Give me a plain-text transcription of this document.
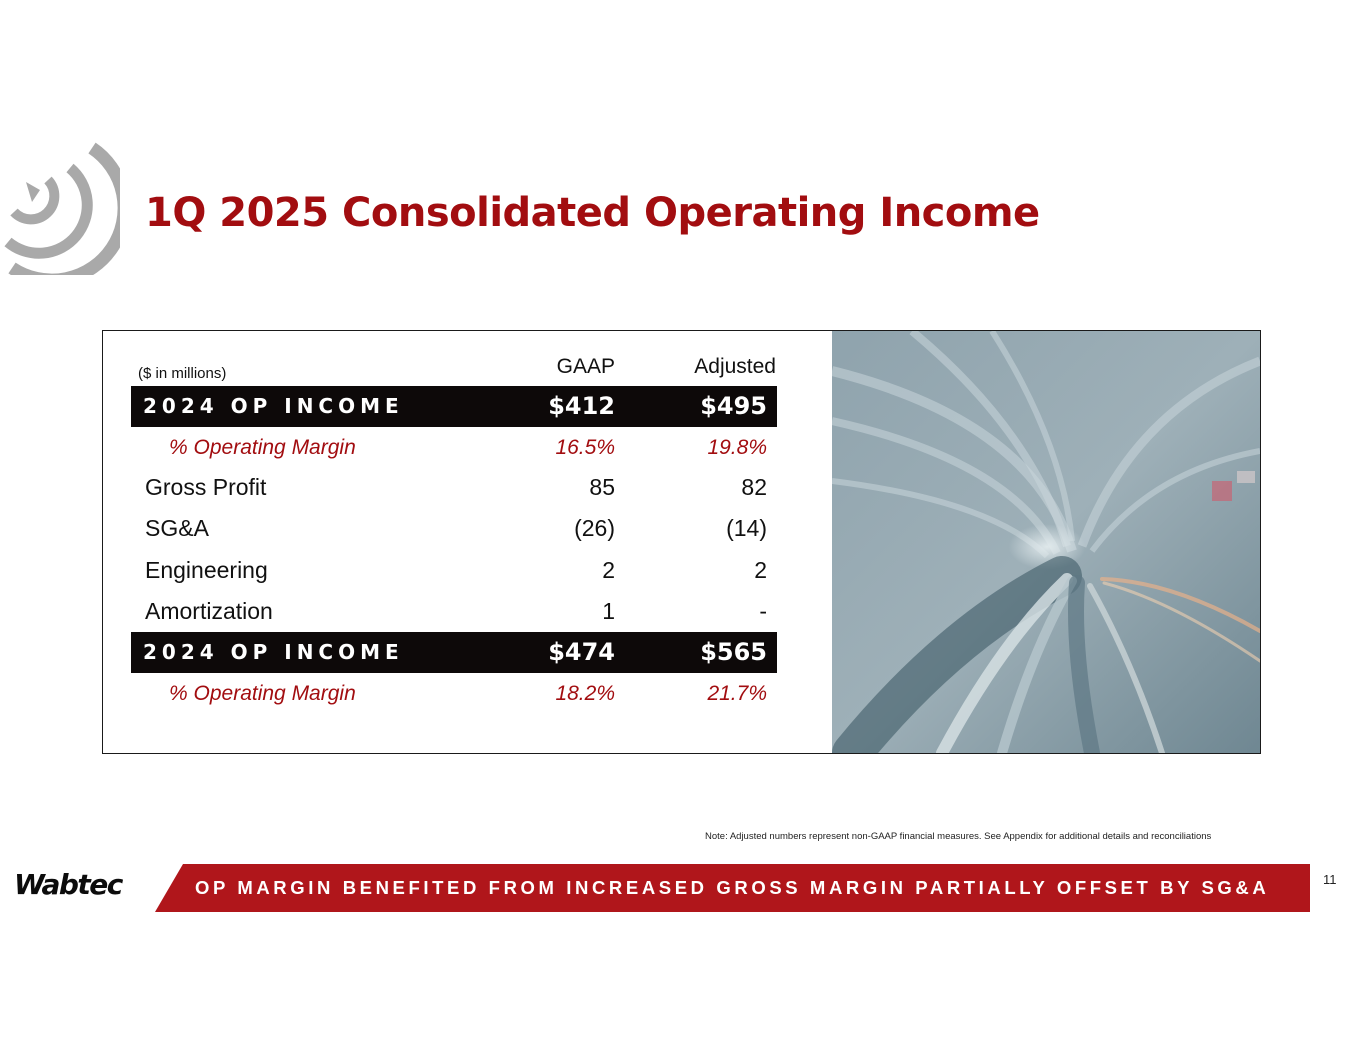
1Q 2025 Consolidated Operating Income
($ in millions)	GAAP	Adjusted
2024 OP INCOME	$412	$495
% Operating Margin	16.5%	19.8%
Gross Profit	85	82
SG&A	(26)	(14)
Engineering	2	2
Amortization	1	-
2024 OP INCOME	$474	$565
% Operating Margin	18.2%	21.7%
Note: Adjusted numbers represent non-GAAP financial measures. See Appendix for additional details and reconciliations
Wabtec	OP MARGIN BENEFITED FROM INCREASED GROSS MARGIN PARTIALLY OFFSET BY SG&A	11
